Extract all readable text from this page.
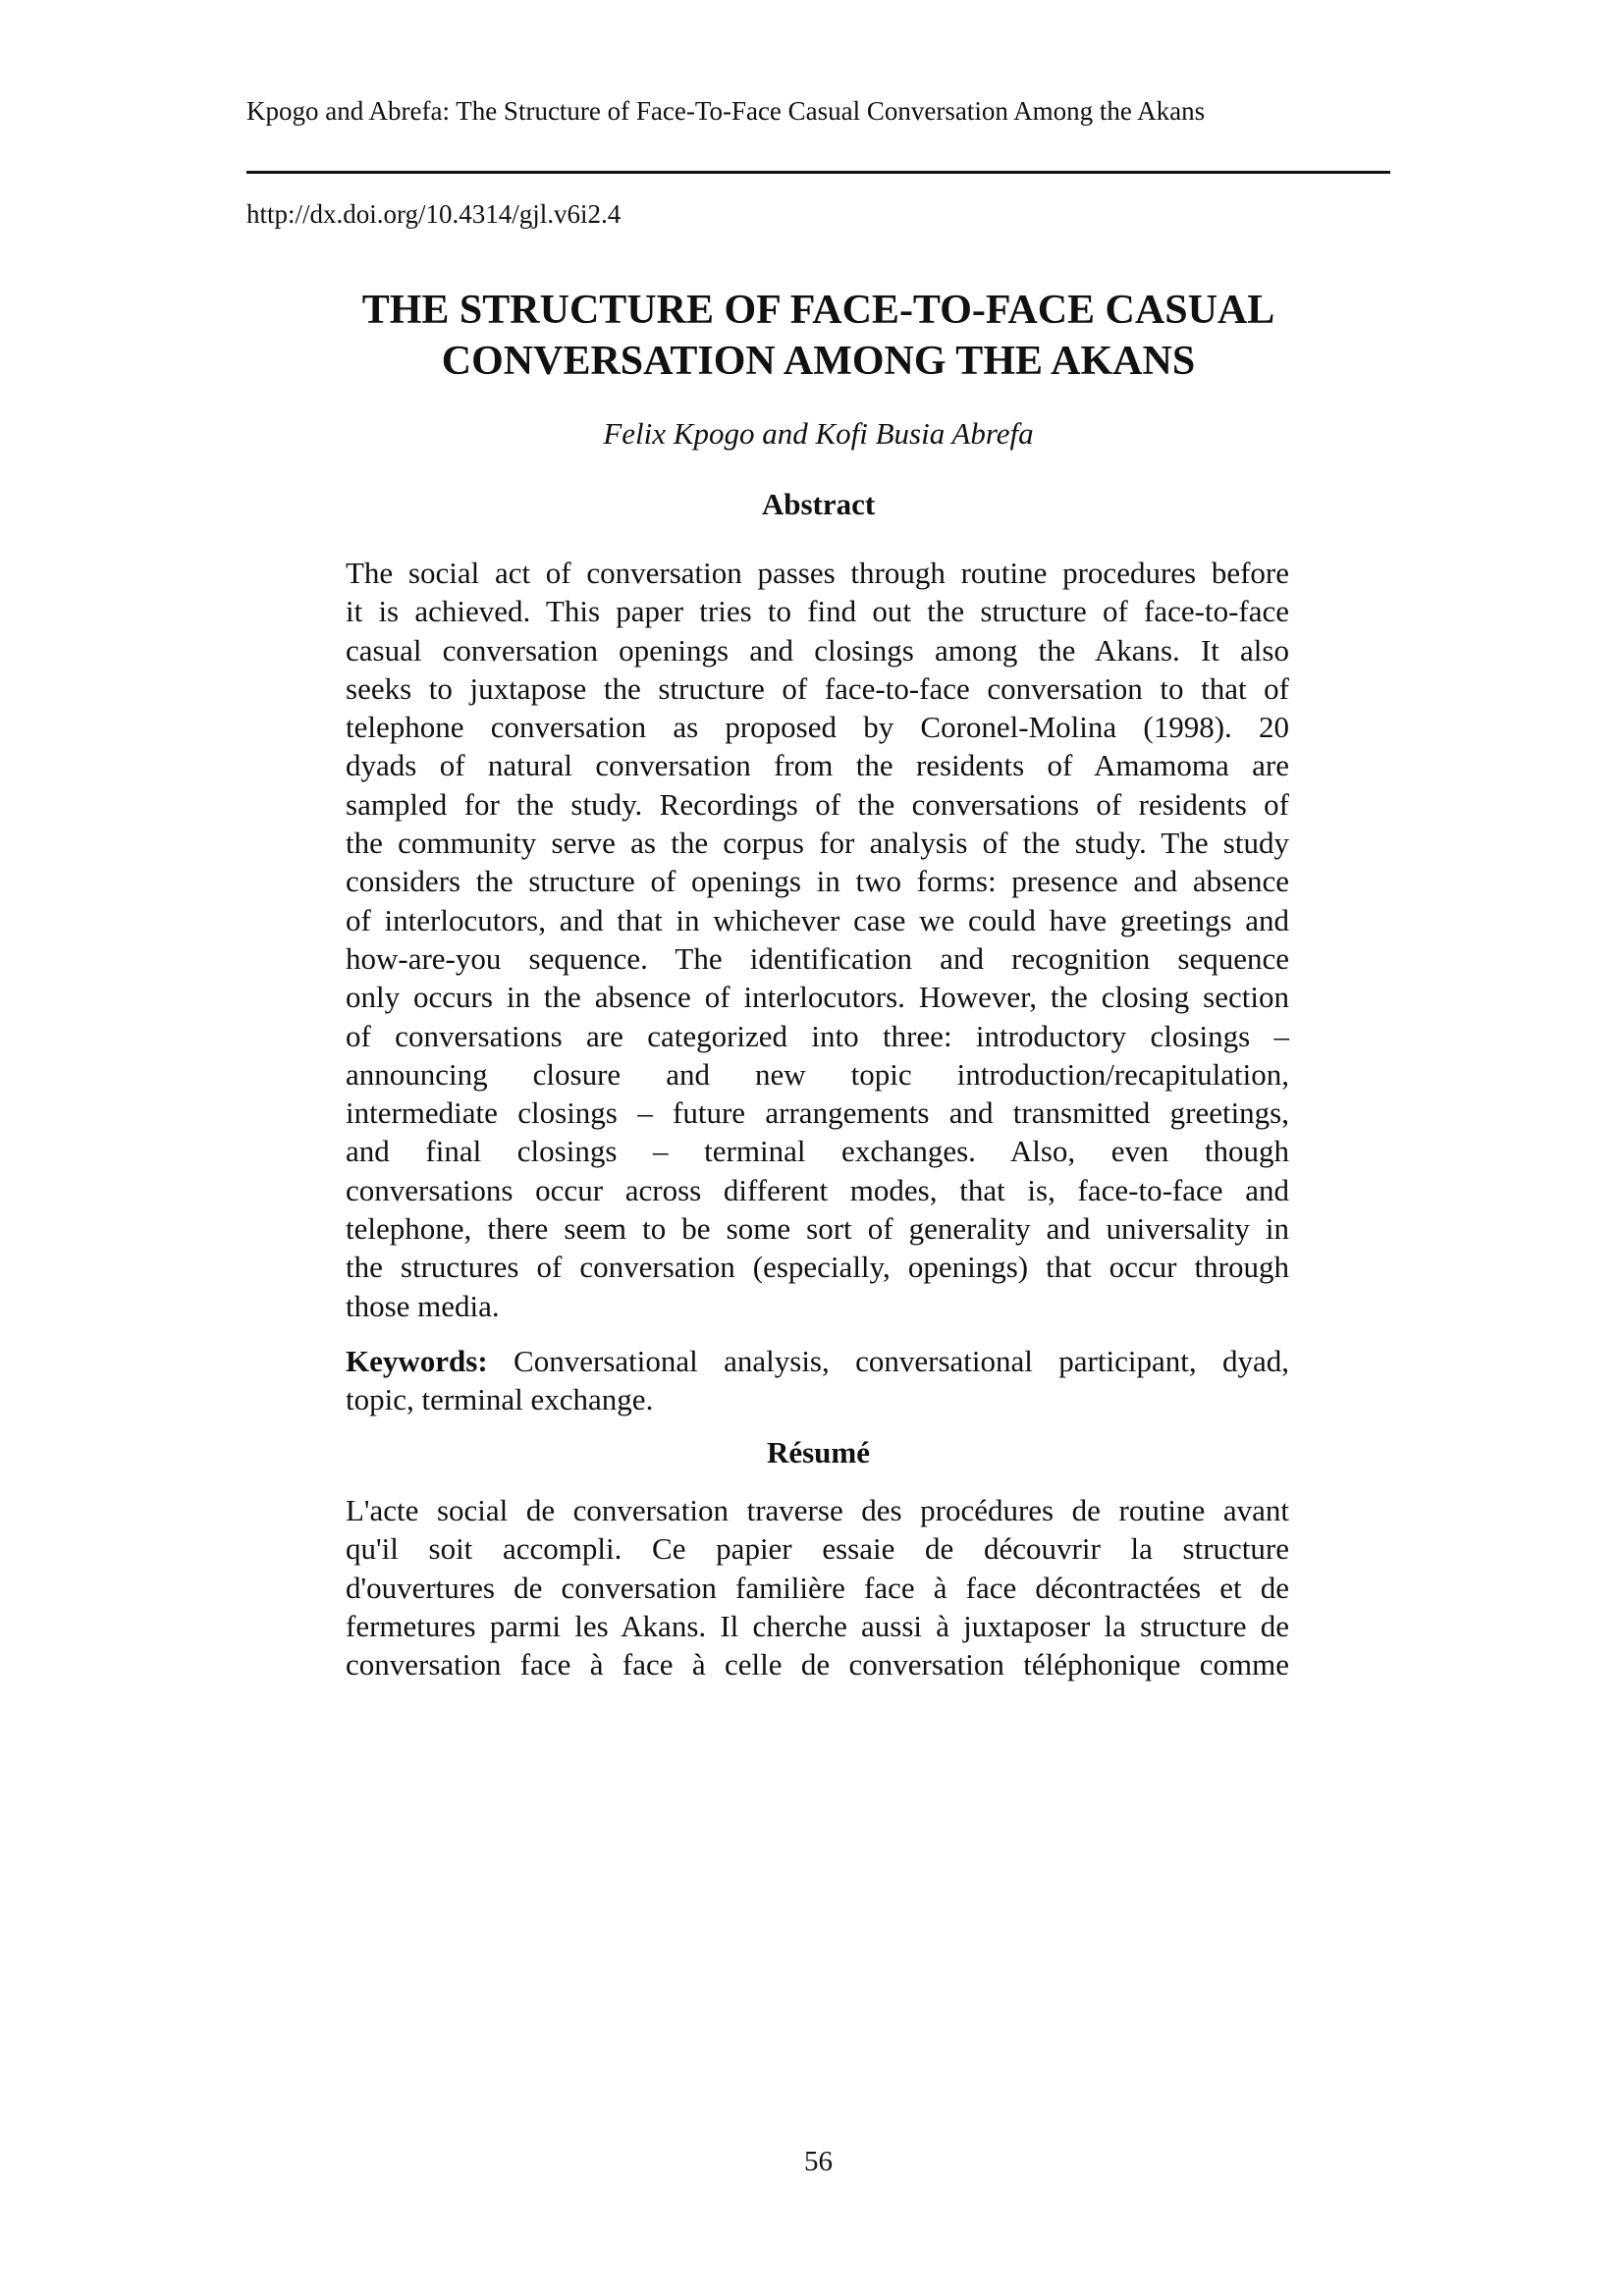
Kpogo and Abrefa: The Structure of Face-To-Face Casual Conversation Among the Akans
http://dx.doi.org/10.4314/gjl.v6i2.4
THE STRUCTURE OF FACE-TO-FACE CASUAL
CONVERSATION AMONG THE AKANS
Felix Kpogo and Kofi Busia Abrefa
Abstract
The social act of conversation passes through routine procedures before
it is achieved. This paper tries to find out the structure of face-to-face
casual conversation openings and closings among the Akans. It also
seeks to juxtapose the structure of face-to-face conversation to that of
telephone conversation as proposed by Coronel-Molina (1998). 20
dyads of natural conversation from the residents of Amamoma are
sampled for the study. Recordings of the conversations of residents of
the community serve as the corpus for analysis of the study. The study
considers the structure of openings in two forms: presence and absence
of interlocutors, and that in whichever case we could have greetings and
how-are-you sequence. The identification and recognition sequence
only occurs in the absence of interlocutors. However, the closing section
of conversations are categorized into three: introductory closings –
announcing closure and new topic introduction/recapitulation,
intermediate closings – future arrangements and transmitted greetings,
and final closings – terminal exchanges. Also, even though
conversations occur across different modes, that is, face-to-face and
telephone, there seem to be some sort of generality and universality in
the structures of conversation (especially, openings) that occur through
those media.
Keywords: Conversational analysis, conversational participant, dyad,
topic, terminal exchange.
Résumé
L'acte social de conversation traverse des procédures de routine avant
qu'il soit accompli. Ce papier essaie de découvrir la structure
d'ouvertures de conversation familière face à face décontractées et de
fermetures parmi les Akans. Il cherche aussi à juxtaposer la structure de
conversation face à face à celle de conversation téléphonique comme
56
